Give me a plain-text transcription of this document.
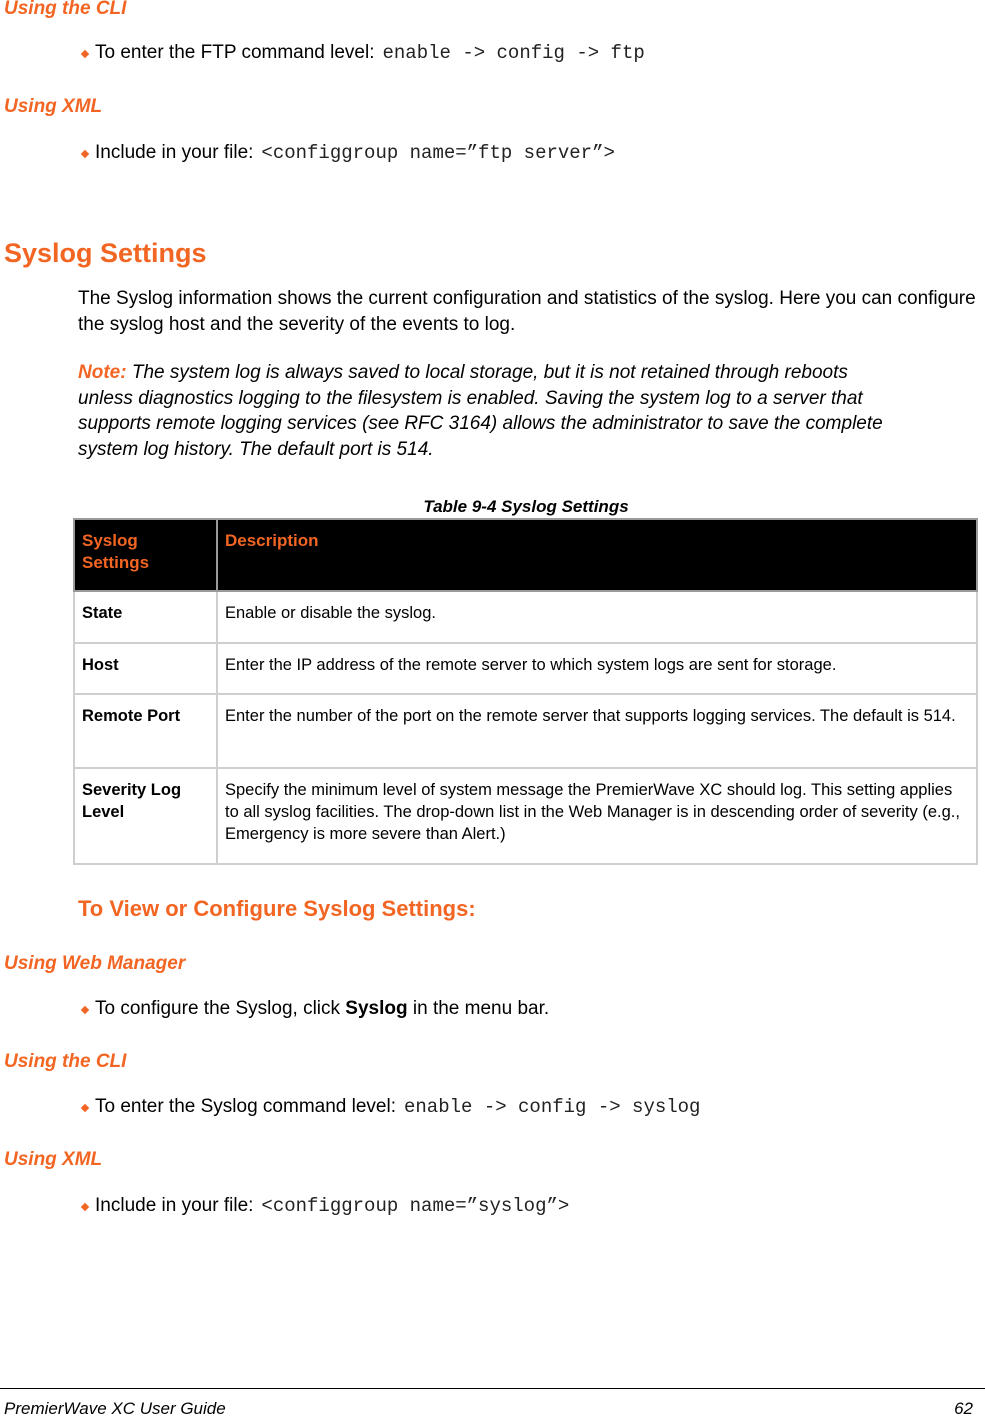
Using the CLI
To enter the FTP command level: enable -> config -> ftp
Using XML
Include in your file: <configgroup name=”ftp server”>
Syslog Settings
The Syslog information shows the current configuration and statistics of the syslog. Here you can configure the syslog host and the severity of the events to log.
Note: The system log is always saved to local storage, but it is not retained through reboots unless diagnostics logging to the filesystem is enabled. Saving the system log to a server that supports remote logging services (see RFC 3164) allows the administrator to save the complete system log history. The default port is 514.
Table 9-4 Syslog Settings
Syslog Settings	Description
State	Enable or disable the syslog.
Host	Enter the IP address of the remote server to which system logs are sent for storage.
Remote Port	Enter the number of the port on the remote server that supports logging services. The default is 514.
Severity Log Level	Specify the minimum level of system message the PremierWave XC should log. This setting applies to all syslog facilities. The drop-down list in the Web Manager is in descending order of severity (e.g., Emergency is more severe than Alert.)
To View or Configure Syslog Settings:
Using Web Manager
To configure the Syslog, click Syslog in the menu bar.
Using the CLI
To enter the Syslog command level: enable -> config -> syslog
Using XML
Include in your file: <configgroup name=”syslog”>
PremierWave XC User Guide	62
